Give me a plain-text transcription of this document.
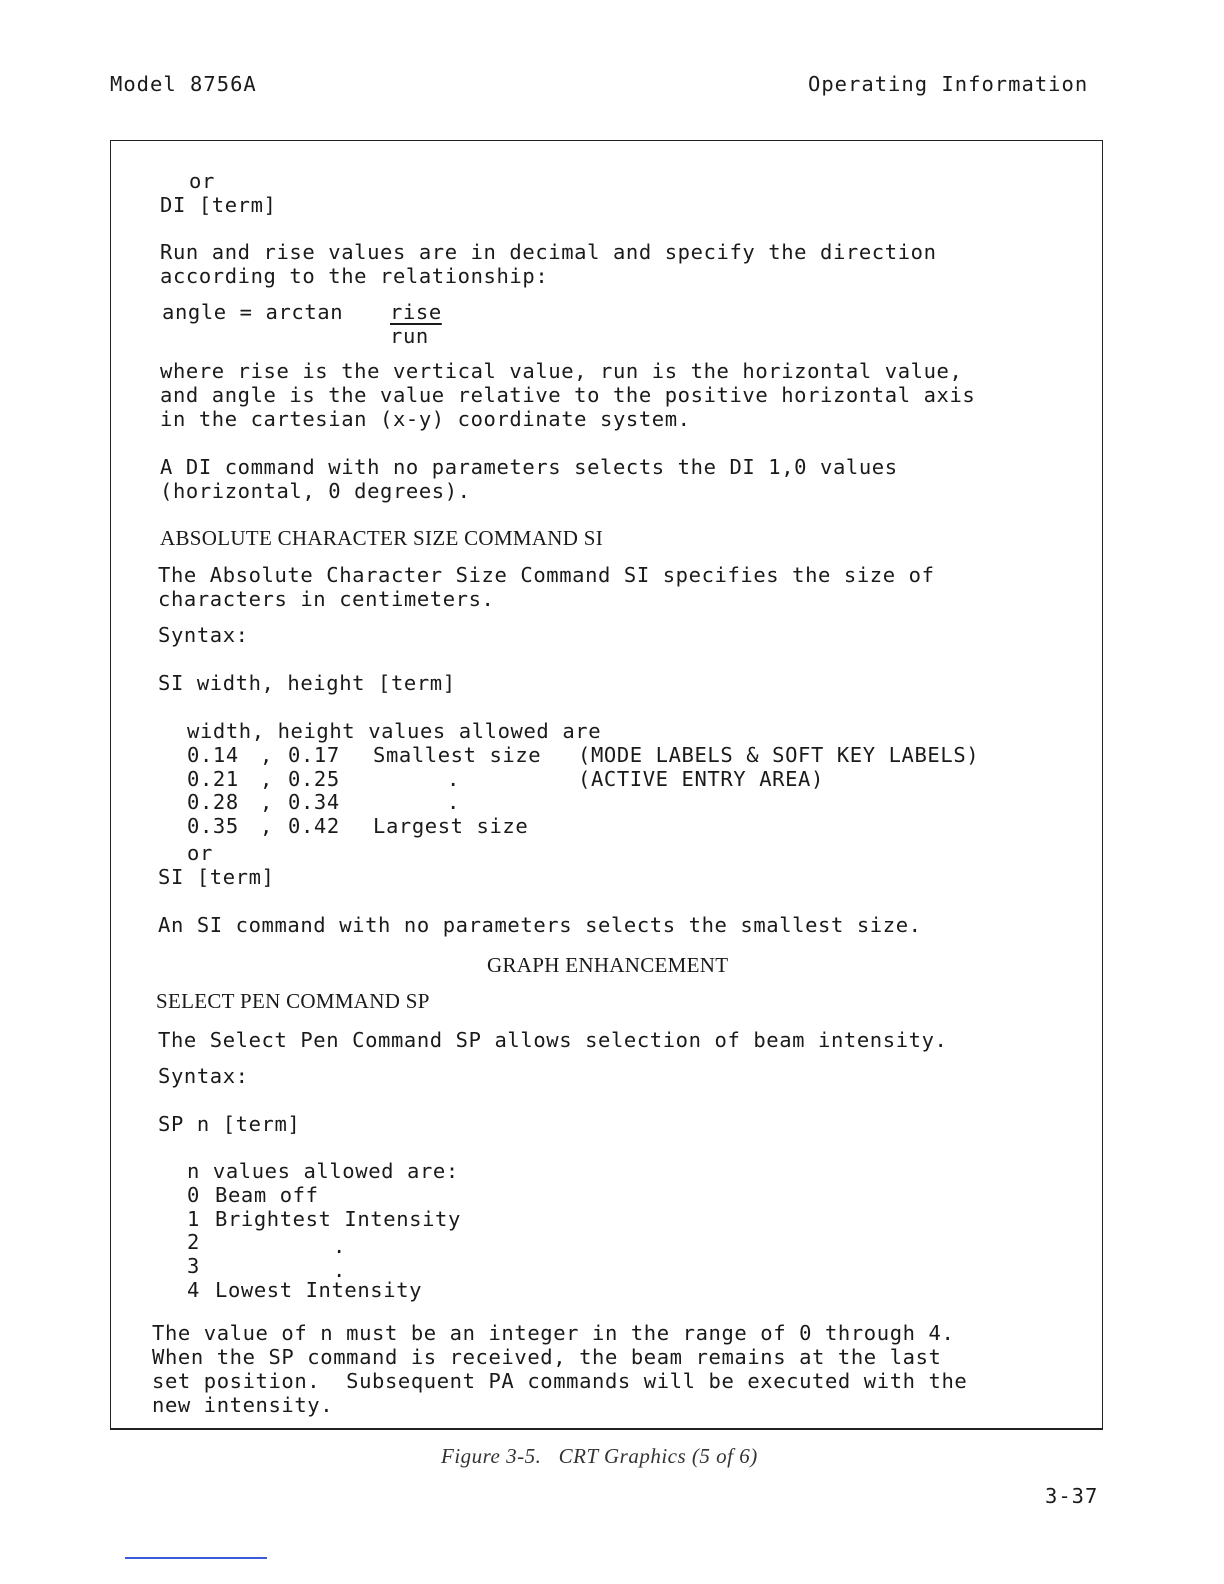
Model 8756A	Operating Information
or
DI [term]
Run and rise values are in decimal and specify the direction
according to the relationship:
angle = arctan rise
run
where rise is the vertical value, run is the horizontal value,
and angle is the value relative to the positive horizontal axis
in the cartesian (x-y) coordinate system.
A DI command with no parameters selects the DI 1,0 values
(horizontal, 0 degrees).
ABSOLUTE CHARACTER SIZE COMMAND SI
The Absolute Character Size Command SI specifies the size of
characters in centimeters.
Syntax:
SI width, height [term]
width, height values allowed are
0.14 , 0.17 Smallest size (MODE LABELS & SOFT KEY LABELS)
0.21 , 0.25	.	(ACTIVE ENTRY AREA)
0.28 , 0.34	.
0.35 , 0.42 Largest size
or
SI [term]
An SI command with no parameters selects the smallest size.
GRAPH ENHANCEMENT
SELECT PEN COMMAND SP
The Select Pen Command SP allows selection of beam intensity.
Syntax:
SP n [term]
n values allowed are:
0 Beam off
1 Brightest Intensity
2	.
3	.
4 Lowest Intensity
The value of n must be an integer in the range of 0 through 4.
When the SP command is received, the beam remains at the last
set position.  Subsequent PA commands will be executed with the
new intensity.
Figure 3-5.   CRT Graphics (5 of 6)
3-37
